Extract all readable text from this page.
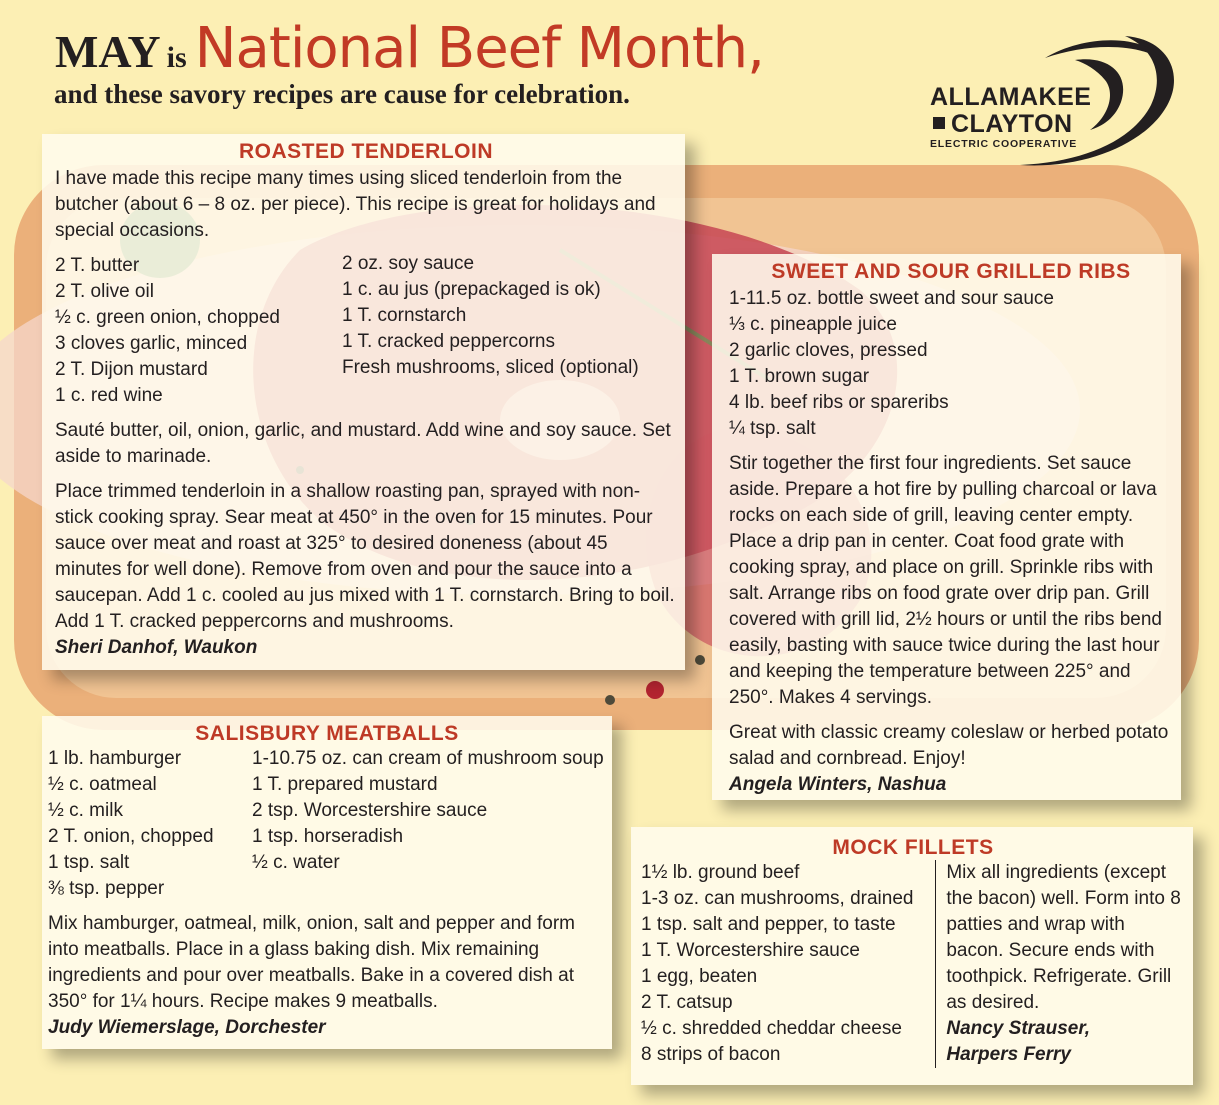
MAY is National Beef Month,
and these savory recipes are cause for celebration.	ALLAMAKEE
CLAYTON
ELECTRIC COOPERATIVE
ROASTED TENDERLOIN

I have made this recipe many times using sliced tenderloin from the butcher (about 6 – 8 oz. per piece). This recipe is great for holidays and special occasions.

2 T. butter
2 T. olive oil
½ c. green onion, chopped
3 cloves garlic, minced
2 T. Dijon mustard
1 c. red wine
2 oz. soy sauce
1 c. au jus (prepackaged is ok)
1 T. cornstarch
1 T. cracked peppercorns
Fresh mushrooms, sliced (optional)

Sauté butter, oil, onion, garlic, and mustard. Add wine and soy sauce. Set aside to marinade.

Place trimmed tenderloin in a shallow roasting pan, sprayed with non-stick cooking spray. Sear meat at 450° in the oven for 15 minutes. Pour sauce over meat and roast at 325° to desired doneness (about 45 minutes for well done). Remove from oven and pour the sauce into a saucepan. Add 1 c. cooled au jus mixed with 1 T. cornstarch. Bring to boil. Add 1 T. cracked peppercorns and mushrooms.

Sheri Danhof, Waukon
SWEET AND SOUR GRILLED RIBS
1-11.5 oz. bottle sweet and sour sauce
⅓ c. pineapple juice
2 garlic cloves, pressed
1 T. brown sugar
4 lb. beef ribs or spareribs
¼ tsp. salt

Stir together the first four ingredients. Set sauce aside. Prepare a hot fire by pulling charcoal or lava rocks on each side of grill, leaving center empty. Place a drip pan in center. Coat food grate with cooking spray, and place on grill. Sprinkle ribs with salt. Arrange ribs on food grate over drip pan. Grill covered with grill lid, 2½ hours or until the ribs bend easily, basting with sauce twice during the last hour and keeping the temperature between 225° and 250°. Makes 4 servings.

Great with classic creamy coleslaw or herbed potato salad and cornbread. Enjoy!

Angela Winters, Nashua
SALISBURY MEATBALLS
1 lb. hamburger
½ c. oatmeal
½ c. milk
2 T. onion, chopped
1 tsp. salt
⅜ tsp. pepper
1-10.75 oz. can cream of mushroom soup
1 T. prepared mustard
2 tsp. Worcestershire sauce
1 tsp. horseradish
½ c. water

Mix hamburger, oatmeal, milk, onion, salt and pepper and form into meatballs. Place in a glass baking dish. Mix remaining ingredients and pour over meatballs. Bake in a covered dish at 350° for 1¼ hours. Recipe makes 9 meatballs.

Judy Wiemerslage, Dorchester
MOCK FILLETS
1½ lb. ground beef
1-3 oz. can mushrooms, drained
1 tsp. salt and pepper, to taste
1 T. Worcestershire sauce
1 egg, beaten
2 T. catsup
½ c. shredded cheddar cheese
8 strips of bacon

Mix all ingredients (except the bacon) well. Form into 8 patties and wrap with bacon. Secure ends with toothpick. Refrigerate. Grill as desired.

Nancy Strauser,
Harpers Ferry
